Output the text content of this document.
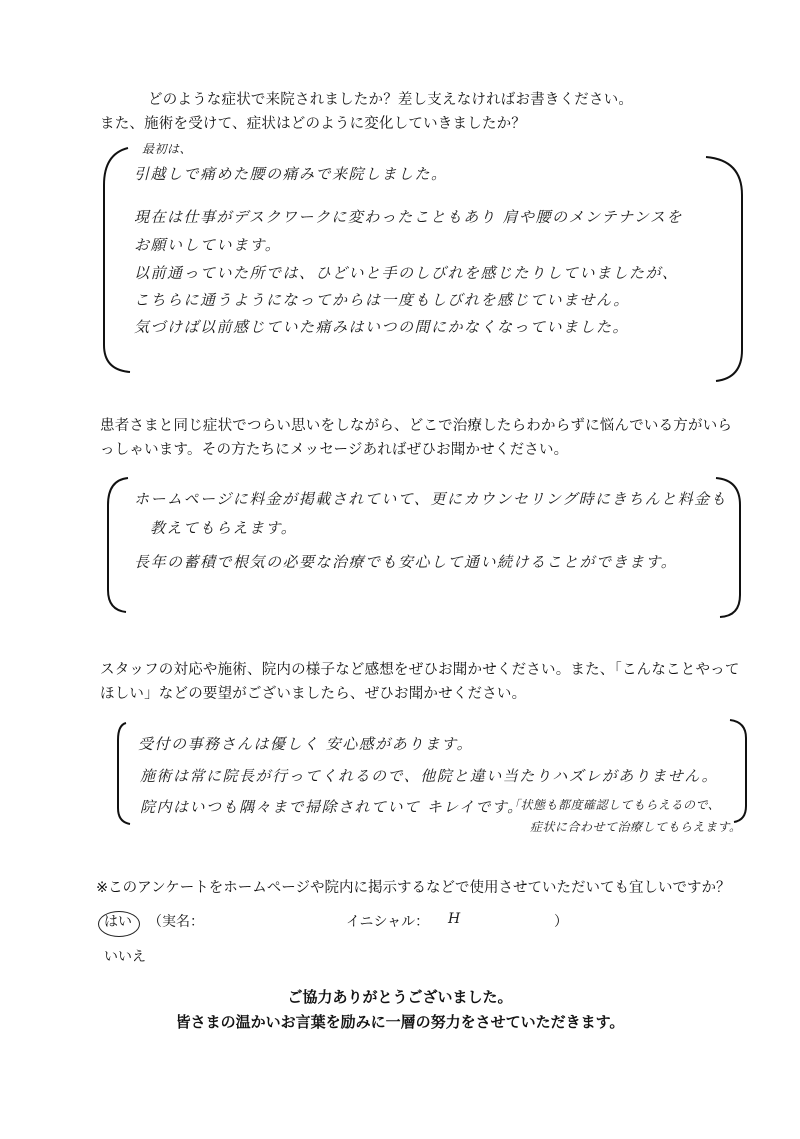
どのような症状で来院されましたか？差し支えなければお書きください。
また、施術を受けて、症状はどのように変化していきましたか？
最初は、
引越しで痛めた腰の痛みで来院しました。
現在は仕事がデスクワークに変わったこともあり 肩や腰のメンテナンスを
お願いしています。
以前通っていた所では、ひどいと手のしびれを感じたりしていましたが、
こちらに通うようになってからは一度もしびれを感じていません。
気づけば以前感じていた痛みはいつの間にかなくなっていました。
患者さまと同じ症状でつらい思いをしながら、どこで治療したらわからずに悩んでいる方がいら
っしゃいます。その方たちにメッセージあればぜひお聞かせください。
ホームページに料金が掲載されていて、更にカウンセリング時にきちんと料金も
教えてもらえます。
長年の蓄積で根気の必要な治療でも安心して通い続けることができます。
スタッフの対応や施術、院内の様子など感想をぜひお聞かせください。また、「こんなことやって
ほしい」などの要望がございましたら、ぜひお聞かせください。
受付の事務さんは優しく 安心感があります。
施術は常に院長が行ってくれるので、他院と違い当たりハズレがありません。
院内はいつも隅々まで掃除されていて キレイです。
「状態も都度確認してもらえるので、
症状に合わせて治療してもらえます。
※このアンケートをホームページや院内に掲示するなどで使用させていただいても宜しいですか？
はい （実名：	イニシャル： H	）
いいえ
ご協力ありがとうございました。
皆さまの温かいお言葉を励みに一層の努力をさせていただきます。
